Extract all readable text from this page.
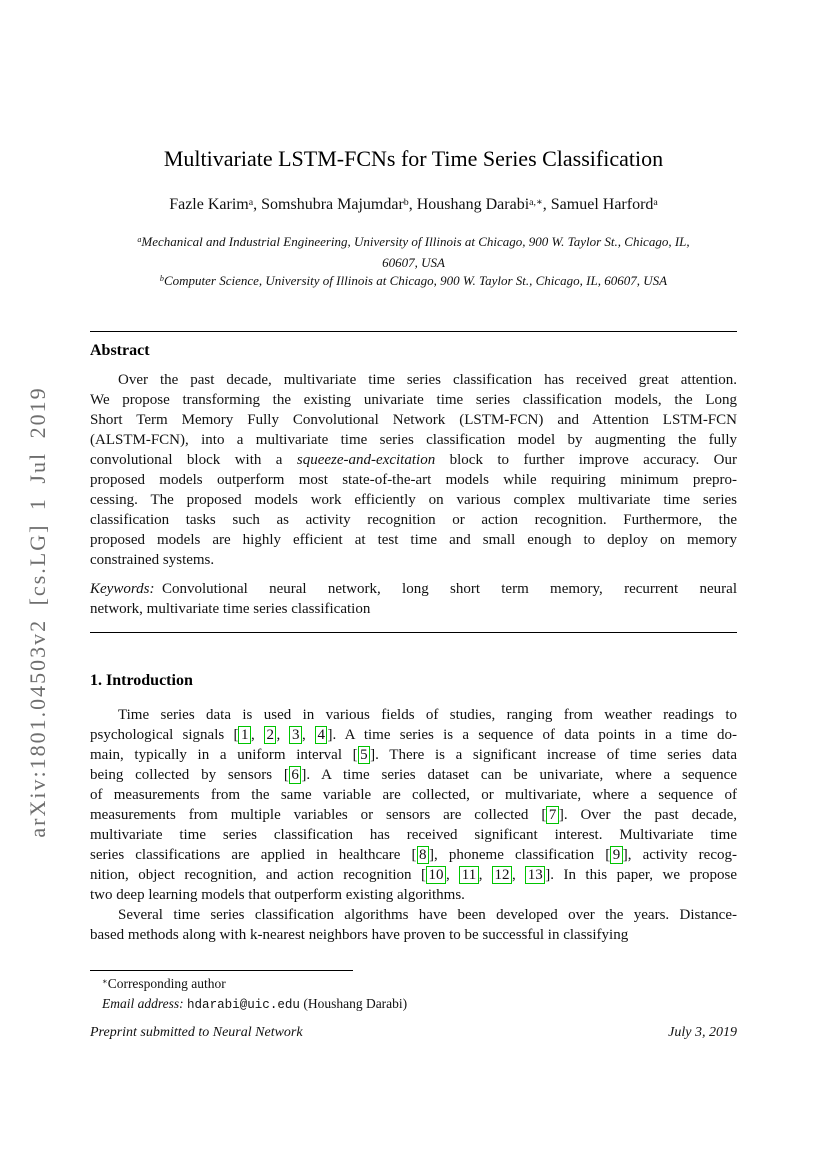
arXiv:1801.04503v2 [cs.LG] 1 Jul 2019
Multivariate LSTM-FCNs for Time Series Classification
Fazle Karim$^a$, Somshubra Majumdar$^b$, Houshang Darabi$^{a,∗}$, Samuel Harford$^a$
$^a$Mechanical and Industrial Engineering, University of Illinois at Chicago, 900 W. Taylor St., Chicago, IL,
60607, USA
$^b$Computer Science, University of Illinois at Chicago, 900 W. Taylor St., Chicago, IL, 60607, USA
Abstract
Over the past decade, multivariate time series classification has received great attention.
We propose transforming the existing univariate time series classification models, the Long
Short Term Memory Fully Convolutional Network (LSTM-FCN) and Attention LSTM-FCN
(ALSTM-FCN), into a multivariate time series classification model by augmenting the fully
convolutional block with a squeeze-and-excitation block to further improve accuracy. Our
proposed models outperform most state-of-the-art models while requiring minimum prepro-
cessing. The proposed models work efficiently on various complex multivariate time series
classification tasks such as activity recognition or action recognition. Furthermore, the
proposed models are highly efficient at test time and small enough to deploy on memory
constrained systems.
Keywords: Convolutional neural network, long short term memory, recurrent neural
network, multivariate time series classification
1. Introduction
Time series data is used in various fields of studies, ranging from weather readings to
psychological signals [ 1 , 2 , 3 , 4 ]. A time series is a sequence of data points in a time do-
main, typically in a uniform interval [ 5 ]. There is a significant increase of time series data
being collected by sensors [ 6 ]. A time series dataset can be univariate, where a sequence
of measurements from the same variable are collected, or multivariate, where a sequence of
measurements from multiple variables or sensors are collected [ 7 ]. Over the past decade,
multivariate time series classification has received significant interest. Multivariate time
series classifications are applied in healthcare [ 8 ], phoneme classification [ 9 ], activity recog-
nition, object recognition, and action recognition [ 10 , 11 , 12 , 13 ]. In this paper, we propose
two deep learning models that outperform existing algorithms.
Several time series classification algorithms have been developed over the years. Distance-
based methods along with k-nearest neighbors have proven to be successful in classifying
∗Corresponding author
Email address: hdarabi@uic.edu (Houshang Darabi)
Preprint submitted to Neural Network	July 3, 2019
